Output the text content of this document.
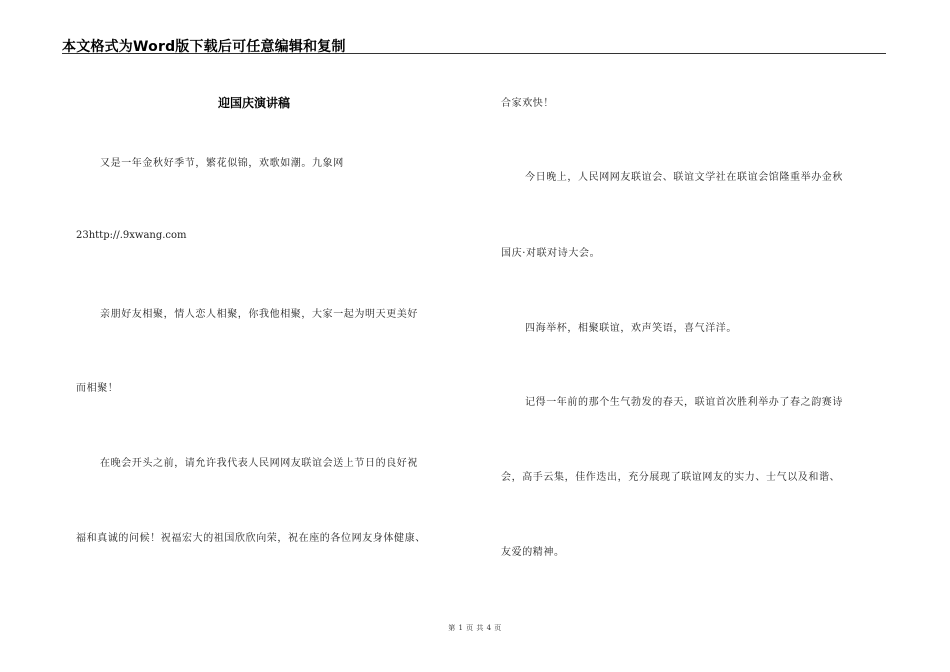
本文格式为Word版下载后可任意编辑和复制
迎国庆演讲稿
又是一年金秋好季节，繁花似锦，欢歌如潮。九象网
23http://.9xwang.com
亲朋好友相聚，情人恋人相聚，你我他相聚，大家一起为明天更美好
而相聚！
在晚会开头之前，请允许我代表人民网网友联谊会送上节日的良好祝
福和真诚的问候！祝福宏大的祖国欣欣向荣，祝在座的各位网友身体健康、
合家欢快！
今日晚上，人民网网友联谊会、联谊文学社在联谊会馆隆重举办金秋
国庆·对联对诗大会。
四海举杯，相聚联谊，欢声笑语，喜气洋洋。
记得一年前的那个生气勃发的春天，联谊首次胜利举办了春之韵赛诗
会，高手云集，佳作迭出，充分展现了联谊网友的实力、士气以及和谐、
友爱的精神。
第 1 页 共 4 页
